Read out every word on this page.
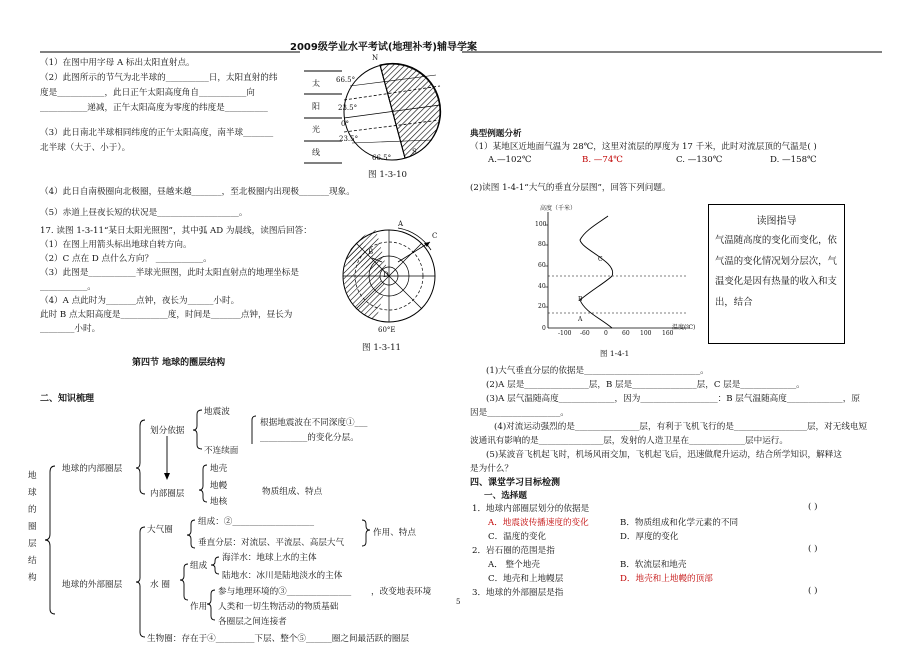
2009级学业水平考试(地理补考)辅导学案
（1）在图中用字母 A 标出太阳直射点。
（2）此图所示的节气为北半球的__________日，太阳直射的纬
度是___________，此日正午太阳高度角自___________向
___________递减，正午太阳高度为零度的纬度是__________
（3）此日南北半球相同纬度的正午太阳高度，南半球_______
北半球（大于、小于）。
太
阳
光
线
66.5°
N
23.5°
0°
23.5°
66.5°
S
图 1-3-10
（4）此日自南极圈向北极圈，昼越来越_______，至北极圈内出现极_______现象。
（5）赤道上昼夜长短的状况是___________________。
17. 读图 1-3-11“某日太阳光照图”，其中弧 AD 为晨线，读图后回答：
（1）在图上用箭头标出地球自转方向。
（2）C 点在 D 点什么方向？ ___________。
（3）此图是___________半球光照图，此时太阳直射点的地理坐标是
___________。
（4）A 点此时为_______点钟，夜长为______小时。
此时 B 点太阳高度是___________度，时间是_______点钟，昼长为
________小时。
A
B
C
D
60°E
图 1-3-11
第四节 地球的圈层结构
二、知识梳理
地
球
的
圈
层
结
构
地球的内部圈层
划分依据
地震波
不连续面
根据地震波在不同深度①___
___________的变化分层。
内部圈层
地壳
地幔
地核
物质组成、特点
地球的外部圈层
大气圈
组成：②___________________
垂直分层：对流层、平流层、高层大气
作用、特点
水 圈
组成
海洋水：地球上水的主体
陆地水：冰川是陆地淡水的主体
作用
参与地理环境的③_______________ ，改变地表环境
人类和一切生物活动的物质基础
各圈层之间连接者
生物圈：存在于④_________下层、整个⑤______圈之间最活跃的圈层
典型例题分析
（1）某地区近地面气温为 28℃，这里对流层的厚度为 17 千米，此时对流层顶的气温是( )
A.—102℃	B. —74℃	C. —130℃	D. —158℃
(2)读图 1-4-1“大气的垂直分层图”，回答下列问题。
高度（千米）
100
80
60
40
20
0
-100 -60 0 60 100 160
温度(℃)
C
B
A
图 1-4-1
读图指导
气温随高度的变化而变化，依气温的变化情况划分层次，气温变化是因有热量的收入和支出，结合
(1)大气垂直分层的依据是___________________________。
(2)A 层是_______________层，B 层是_______________层，C 层是_____________。
(3)A 层气温随高度_____________，因为__________________：B 层气温随高度_____________，原
因是_________________。
(4)对流运动强烈的是_______________层，有利于飞机飞行的是_________________层，对无线电短
波通讯有影响的是_______________层，发射的人造卫星在_____________层中运行。
(5)某波音飞机起飞时，机场风雨交加，飞机起飞后，迅速做爬升运动，结合所学知识，解释这
是为什么？
四、课堂学习目标检测
一、选择题
1．地球内部圈层划分的依据是	( )
A．地震波传播速度的变化	B．物质组成和化学元素的不同
C．温度的变化	D．厚度的变化
2．岩石圈的范围是指	( )
A． 整个地壳	B．软流层和地壳
C．地壳和上地幔层	D．地壳和上地幔的顶部
3．地球的外部圈层是指	( )
5
